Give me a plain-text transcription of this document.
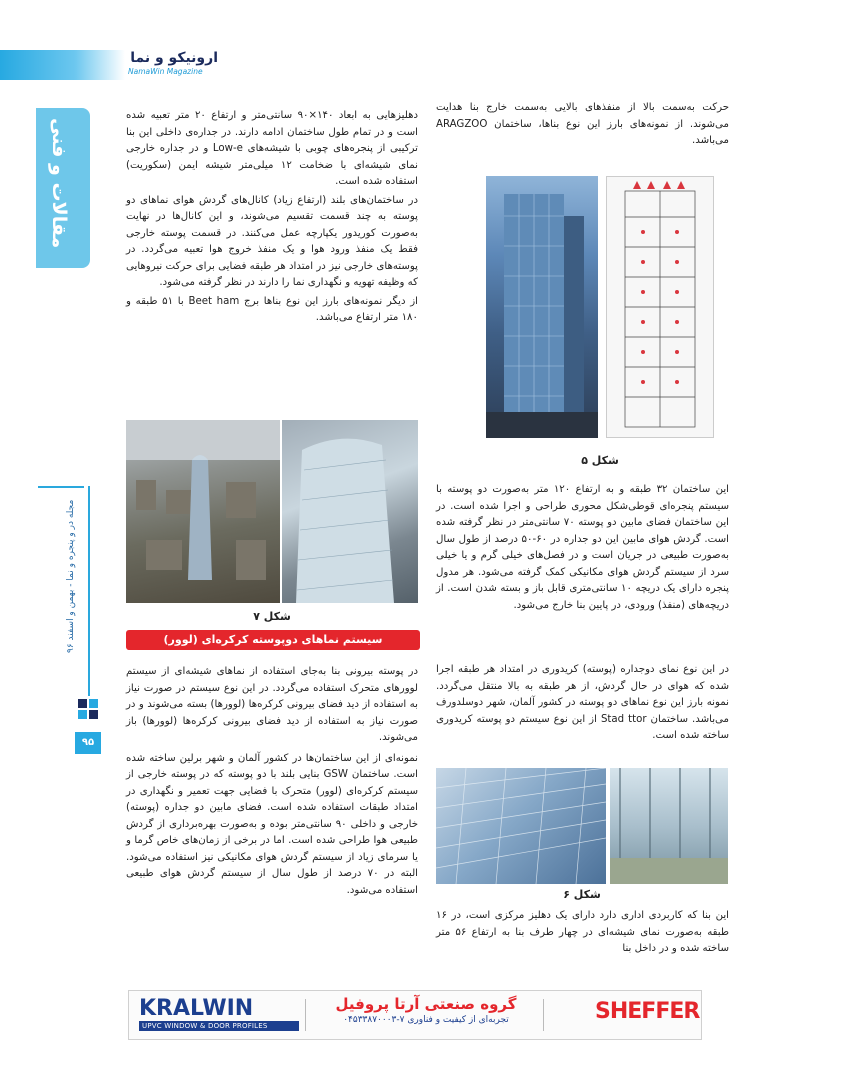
ارونیکو و نما
NamaWin Magazine
مقالات و فنی
مجله در و پنجره و نما - بهمن و اسفند ۹۶
۹۵

حرکت به‌سمت بالا از منفذهای بالایی به‌سمت خارج بنا هدایت می‌شوند. از نمونه‌های بارز این نوع بناها، ساختمان ARAGZOO می‌باشد.

شکل ۵

این ساختمان ۳۲ طبقه و به ارتفاع ۱۲۰ متر به‌صورت دو پوسته با سیستم پنجره‌ای قوطی‌شکل محوری طراحی و اجرا شده است. در این ساختمان فضای مابین دو پوسته ۷۰ سانتی‌متر در نظر گرفته شده است. گردش هوای مابین این دو جداره در ۶۰-۵۰ درصد از طول سال به‌صورت طبیعی در جریان است و در فصل‌های خیلی گرم و یا خیلی سرد از سیستم گردش هوای مکانیکی کمک گرفته می‌شود. هر مدول پنجره دارای یک دریچه ۱۰ سانتی‌متری قابل باز و بسته شدن است. از دریچه‌های (منفذ) ورودی، در پایین بنا خارج می‌شود.

در این نوع نمای دوجداره (پوسته) کریدوری در امتداد هر طبقه اجرا شده که هوای در حال گردش، از هر طبقه به بالا منتقل می‌گردد. نمونه بارز این نوع نماهای دو پوسته در کشور آلمان، شهر دوسلدورف می‌باشد. ساختمان Stad ttor از این نوع سیستم دو پوسته کریدوری ساخته شده است.

شکل ۶

این بنا که کاربردی اداری دارد دارای یک دهلیز مرکزی است، در ۱۶ طبقه به‌صورت نمای شیشه‌ای در چهار طرف بنا به ارتفاع ۵۶ متر ساخته شده و در داخل بنا

دهلیزهایی به ابعاد ۱۴۰×۹۰ سانتی‌متر و ارتفاع ۲۰ متر تعبیه شده است و در تمام طول ساختمان ادامه دارند. در جداره‌ی داخلی این بنا ترکیبی از پنجره‌های چوبی با شیشه‌های Low-e و در جداره خارجی نمای شیشه‌ای با ضخامت ۱۲ میلی‌متر شیشه ایمن (سکوریت) استفاده شده است.

در ساختمان‌های بلند (ارتفاع زیاد) کانال‌های گردش هوای نماهای دو پوسته به چند قسمت تقسیم می‌شوند، و این کانال‌ها در نهایت به‌صورت کوریدور یکپارچه عمل می‌کنند. در قسمت پوسته خارجی فقط یک منفذ ورود هوا و یک منفذ خروج هوا تعبیه می‌گردد. در پوسته‌های خارجی نیز در امتداد هر طبقه فضایی برای حرکت نیروهایی که وظیفه تهویه و نگهداری نما را دارند در نظر گرفته می‌شود.

از دیگر نمونه‌های بارز این نوع بناها برج Beet ham با ۵۱ طبقه و ۱۸۰ متر ارتفاع می‌باشد.

شکل ۷
سیستم نماهای دوپوسته کرکره‌ای (لوور)

در پوسته بیرونی بنا به‌جای استفاده از نماهای شیشه‌ای از سیستم لوورهای متحرک استفاده می‌گردد. در این نوع سیستم در صورت نیاز به استفاده از دید فضای بیرونی کرکره‌ها (لوورها) بسته می‌شوند و در صورت نیاز به استفاده از دید فضای بیرونی کرکره‌ها (لوورها) باز می‌شوند.

نمونه‌ای از این ساختمان‌ها در کشور آلمان و شهر برلین ساخته شده است. ساختمان GSW بنایی بلند با دو پوسته که در پوسته خارجی از سیستم کرکره‌ای (لوور) متحرک با فضایی جهت تعمیر و نگهداری در امتداد طبقات استفاده شده است. فضای مابین دو جداره (پوسته) خارجی و داخلی ۹۰ سانتی‌متر بوده و به‌صورت بهره‌برداری از گردش طبیعی هوا طراحی شده است. اما در برخی از زمان‌های خاص گرما و یا سرمای زیاد از سیستم گردش هوای مکانیکی نیز استفاده می‌شود. البته در ۷۰ درصد از طول سال از سیستم گردش هوای طبیعی استفاده می‌شود.

KRALWIN
UPVC WINDOW & DOOR PROFILES
گروه صنعتی آرتا پروفیل
تجربه‌ای از کیفیت و فناوری ۷-۰۴۵۳۳۸۷۰۰۰۳	SHEFFER
